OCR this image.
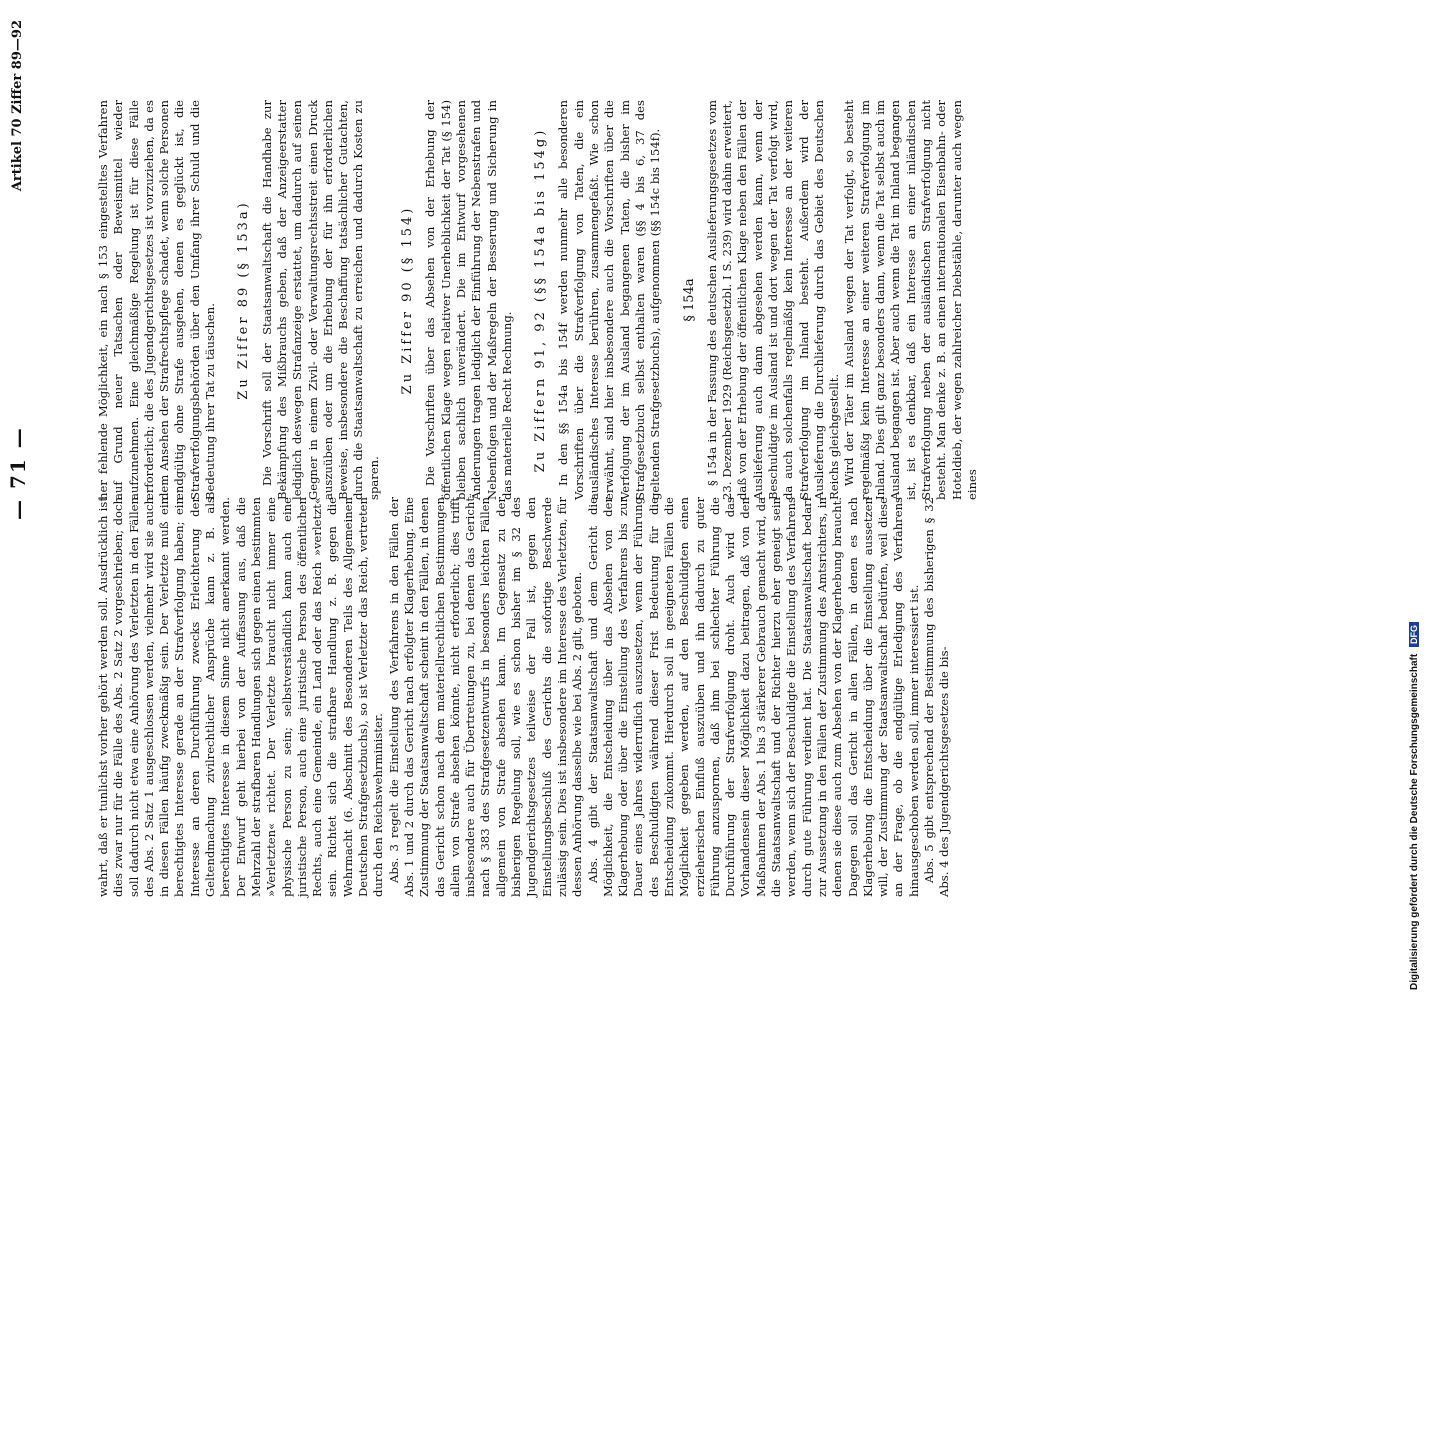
— 71 —
Artikel 70 Ziffer 89—92

wahrt, daß er tunlichst vorher gehört werden soll. Ausdrücklich ist dies zwar nur für die Fälle des Abs. 2 Satz 2 vorgeschrieben; doch soll dadurch nicht etwa eine Anhörung des Verletzten in den Fällen des Abs. 2 Satz 1 ausgeschlossen werden, vielmehr wird sie auch in diesen Fällen häufig zweckmäßig sein. Der Verletzte muß ein berechtigtes Interesse gerade an der Strafverfolgung haben; ein Interesse an deren Durchführung zwecks Erleichterung der Geltendmachung zivilrechtlicher Ansprüche kann z. B. als berechtigtes Interesse in diesem Sinne nicht anerkannt werden. Der Entwurf geht hierbei von der Auffassung aus, daß die Mehrzahl der strafbaren Handlungen sich gegen einen bestimmten »Verletzten« richtet. Der Verletzte braucht nicht immer eine physische Person zu sein; selbstverständlich kann auch eine juristische Person, auch eine juristische Person des öffentlichen Rechts, auch eine Gemeinde, ein Land oder das Reich »verletzt« sein. Richtet sich die strafbare Handlung z. B. gegen die Wehrmacht (6. Abschnitt des Besonderen Teils des Allgemeinen Deutschen Strafgesetzbuchs), so ist Verletzter das Reich, vertreten durch den Reichswehrminister. Abs. 3 regelt die Einstellung des Verfahrens in den Fällen der Abs. 1 und 2 durch das Gericht nach erfolgter Klagerhebung. Eine Zustimmung der Staatsanwaltschaft scheint in den Fällen, in denen das Gericht schon nach dem materiellrechtlichen Bestimmungen allein von Strafe absehen könnte, nicht erforderlich; dies trifft insbesondere auch für Übertretungen zu, bei denen das Gericht nach § 383 des Strafgesetzentwurfs in besonders leichten Fällen allgemein von Strafe absehen kann. Im Gegensatz zu der bisherigen Regelung soll, wie es schon bisher im § 32 des Jugendgerichtsgesetzes teilweise der Fall ist, gegen den Einstellungsbeschluß des Gerichts die sofortige Beschwerde zulässig sein. Dies ist insbesondere im Interesse des Verletzten, für dessen Anhörung dasselbe wie bei Abs. 2 gilt, geboten. Abs. 4 gibt der Staatsanwaltschaft und dem Gericht die Möglichkeit, die Entscheidung über das Absehen von der Klagerhebung oder über die Einstellung des Verfahrens bis zur Dauer eines Jahres widerruflich auszusetzen, wenn der Führung des Beschuldigten während dieser Frist Bedeutung für die Entscheidung zukommt. Hierdurch soll in geeigneten Fällen die Möglichkeit gegeben werden, auf den Beschuldigten einen erzieherischen Einfluß auszuüben und ihn dadurch zu guter Führung anzuspornen, daß ihm bei schlechter Führung die Durchführung der Strafverfolgung droht. Auch wird das Vorhandensein dieser Möglichkeit dazu beitragen, daß von den Maßnahmen der Abs. 1 bis 3 stärkerer Gebrauch gemacht wird, da die Staatsanwaltschaft und der Richter hierzu eher geneigt sein werden, wenn sich der Beschuldigte die Einstellung des Verfahrens durch gute Führung verdient hat. Die Staatsanwaltschaft bedarf zur Aussetzung in den Fällen der Zustimmung des Amtsrichters, in denen sie diese auch zum Absehen von der Klagerhebung braucht. Dagegen soll das Gericht in allen Fällen, in denen es nach Klagerhebung die Entscheidung über die Einstellung aussetzen will, der Zustimmung der Staatsanwaltschaft bedürfen, weil diese an der Frage, ob die endgültige Erledigung des Verfahrens hinausgeschoben werden soll, immer interessiert ist. Abs. 5 gibt entsprechend der Bestimmung des bisherigen § 32 Abs. 4 des Jugendgerichtsgesetzes die bis-

her fehlende Möglichkeit, ein nach § 153 eingestelltes Verfahren auf Grund neuer Tatsachen oder Beweismittel wieder aufzunehmen. Eine gleichmäßige Regelung ist für diese Fälle erforderlich; die des Jugendgerichtsgesetzes ist vorzuziehen, da es dem Ansehen der Strafrechtspflege schadet, wenn solche Personen endgültig ohne Strafe ausgehen, denen es geglückt ist, die Strafverfolgungsbehörden über den Umfang ihrer Schuld und die Bedeutung ihrer Tat zu täuschen.

Zu Ziffer 89 (§ 153a) Die Vorschrift soll der Staatsanwaltschaft die Handhabe zur Bekämpfung des Mißbrauchs geben, daß der Anzeigeerstatter lediglich deswegen Strafanzeige erstattet, um dadurch auf seinen Gegner in einem Zivil- oder Verwaltungsrechtsstreit einen Druck auszuüben oder um die Erhebung der für ihn erforderlichen Beweise, insbesondere die Beschaffung tatsächlicher Gutachten, durch die Staatsanwaltschaft zu erreichen und dadurch Kosten zu sparen.

Zu Ziffer 90 (§ 154) Die Vorschriften über das Absehen von der Erhebung der öffentlichen Klage wegen relativer Unerheblichkeit der Tat (§ 154) bleiben sachlich unverändert. Die im Entwurf vorgesehenen Änderungen tragen lediglich der Einführung der Nebenstrafen und Nebenfolgen und der Maßregeln der Besserung und Sicherung in das materielle Recht Rechnung. Zu Ziffern 91, 92 (§§ 154a bis 154g) In den §§ 154a bis 154f werden nunmehr alle besonderen Vorschriften über die Strafverfolgung von Taten, die ein ausländisches Interesse berühren, zusammengefaßt. Wie schon erwähnt, sind hier insbesondere auch die Vorschriften über die Verfolgung der im Ausland begangenen Taten, die bisher im Strafgesetzbuch selbst enthalten waren (§§ 4 bis 6, 37 des geltenden Strafgesetzbuchs), aufgenommen (§§ 154c bis 154f). § 154a § 154a in der Fassung des deutschen Auslieferungsgesetzes vom 23. Dezember 1929 (Reichsgesetzbl. I S. 239) wird dahin erweitert, daß von der Erhebung der öffentlichen Klage neben den Fällen der Auslieferung auch dann abgesehen werden kann, wenn der Beschuldigte im Ausland ist und dort wegen der Tat verfolgt wird, da auch solchenfalls regelmäßig kein Interesse an der weiteren Strafverfolgung im Inland besteht. Außerdem wird der Auslieferung die Durchlieferung durch das Gebiet des Deutschen Reichs gleichgestellt. Wird der Täter im Ausland wegen der Tat verfolgt, so besteht regelmäßig kein Interesse an einer weiteren Strafverfolgung im Inland. Dies gilt ganz besonders dann, wenn die Tat selbst auch im Ausland begangen ist. Aber auch wenn die Tat im Inland begangen ist, ist es denkbar, daß ein Interesse an einer inländischen Strafverfolgung neben der ausländischen Strafverfolgung nicht besteht. Man denke z. B. an einen internationalen Eisenbahn- oder Hoteldieb, der wegen zahlreicher Diebstähle, darunter auch wegen eines

Digitalisierung gefördert durch die Deutsche Forschungsgemeinschaft DFG
